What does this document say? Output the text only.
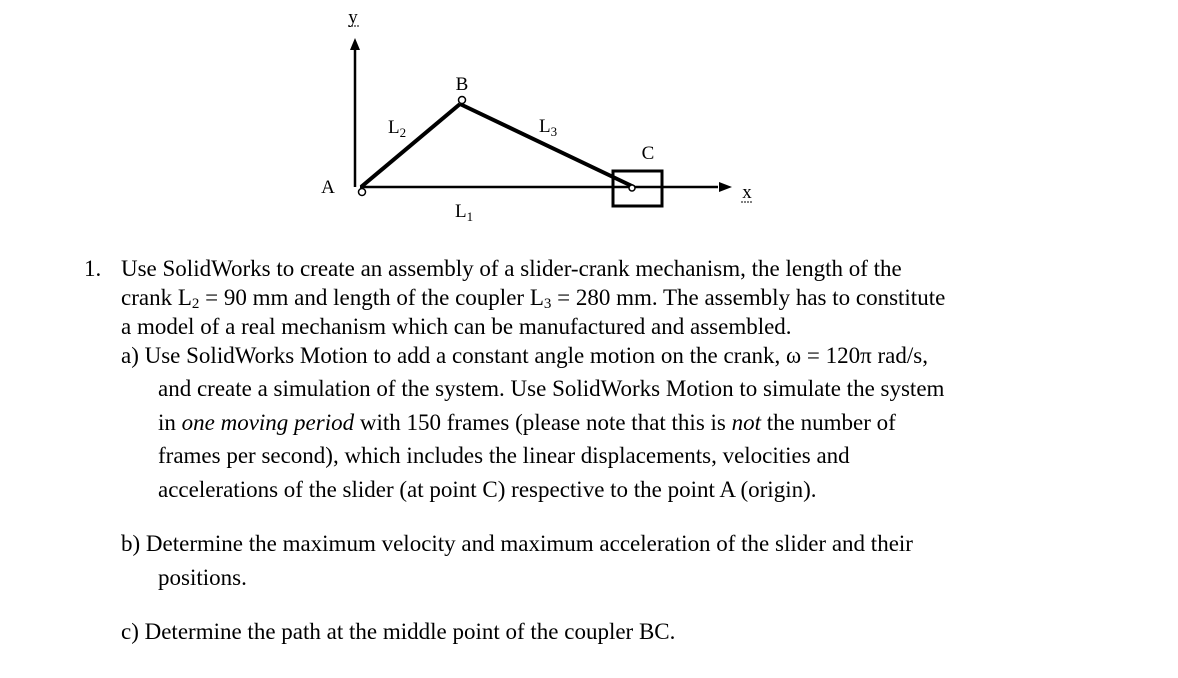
y
x
A
B
C
$L_2$	$L_3$
$L_1$
1. Use SolidWorks to create an assembly of a slider-crank mechanism, the length of the
crank $L_2 = 90$ mm and length of the coupler $L_3 = 280$ mm. The assembly has to constitute
a model of a real mechanism which can be manufactured and assembled.
a) Use SolidWorks Motion to add a constant angle motion on the crank, ω = 120π rad/s,
and create a simulation of the system. Use SolidWorks Motion to simulate the system
in one moving period with 150 frames (please note that this is not the number of
frames per second), which includes the linear displacements, velocities and
accelerations of the slider (at point C) respective to the point A (origin).
b) Determine the maximum velocity and maximum acceleration of the slider and their
positions.
c) Determine the path at the middle point of the coupler BC.
